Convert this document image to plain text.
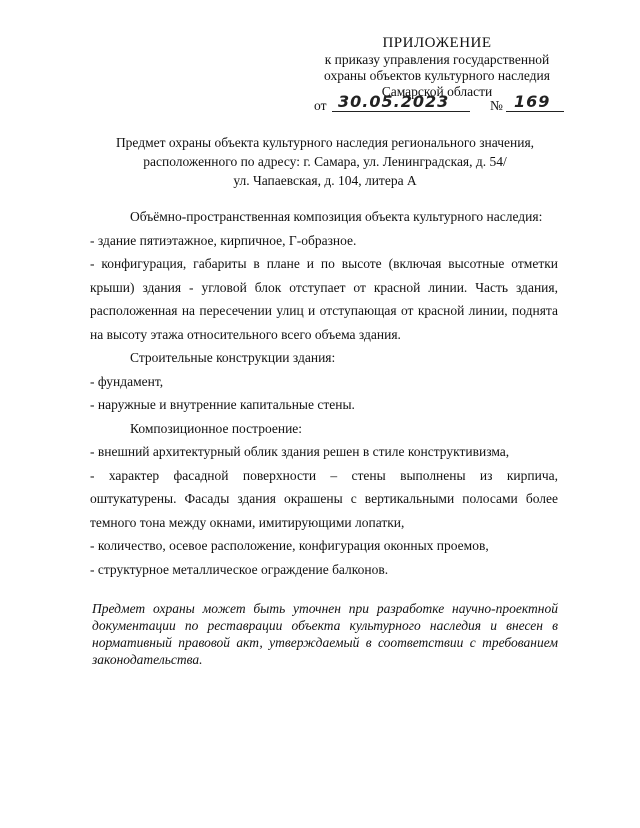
ПРИЛОЖЕНИЕ
к приказу управления государственной
охраны объектов культурного наследия
Самарской области
от 30.05.2023	№ 169
Предмет охраны объекта культурного наследия регионального значения,
расположенного по адресу: г. Самара, ул. Ленинградская, д. 54/
ул. Чапаевская, д. 104, литера А

Объёмно-пространственная композиция объекта культурного наследия:

- здание пятиэтажное, кирпичное, Г-образное.

- конфигурация, габариты в плане и по высоте (включая высотные отметки крыши) здания - угловой блок отступает от красной линии. Часть здания, расположенная на пересечении улиц и отступающая от красной линии, поднята на высоту этажа относительного всего объема здания.

Строительные конструкции здания:

- фундамент,

- наружные и внутренние капитальные стены.

Композиционное построение:

- внешний архитектурный облик здания решен в стиле конструктивизма,

- характер фасадной поверхности – стены выполнены из кирпича, оштукатурены. Фасады здания окрашены с вертикальными полосами более темного тона между окнами, имитирующими лопатки,

- количество, осевое расположение, конфигурация оконных проемов,

- структурное металлическое ограждение балконов.

Предмет охраны может быть уточнен при разработке научно-проектной документации по реставрации объекта культурного наследия и внесен в нормативный правовой акт, утверждаемый в соответствии с требованием законодательства.
